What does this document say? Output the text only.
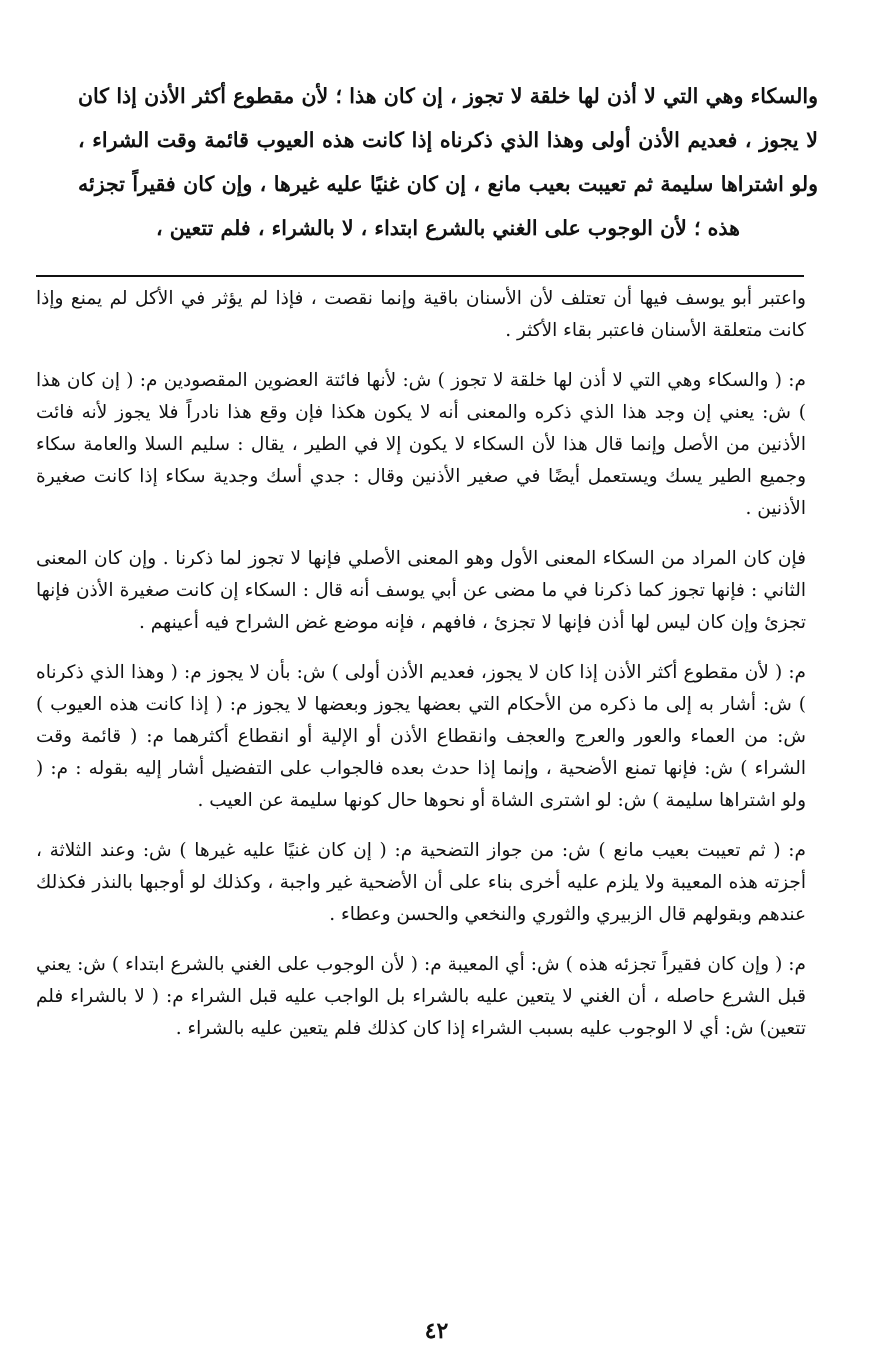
والسكاء وهي التي لا أذن لها خلقة لا تجوز ، إن كان هذا ؛ لأن مقطوع أكثر الأذن إذا كان لا يجوز ، فعديم الأذن أولى وهذا الذي ذكرناه إذا كانت هذه العيوب قائمة وقت الشراء ، ولو اشتراها سليمة ثم تعيبت بعيب مانع ، إن كان غنيًا عليه غيرها ، وإن كان فقيراً تجزئه هذه ؛ لأن الوجوب على الغني بالشرع ابتداء ، لا بالشراء ، فلم تتعين ،

واعتبر أبو يوسف فيها أن تعتلف لأن الأسنان باقية وإنما نقصت ، فإذا لم يؤثر في الأكل لم يمنع وإذا كانت متعلقة الأسنان فاعتبر بقاء الأكثر .

م: ( والسكاء وهي التي لا أذن لها خلقة لا تجوز ) ش: لأنها فائتة العضوين المقصودين م: ( إن كان هذا ) ش: يعني إن وجد هذا الذي ذكره والمعنى أنه لا يكون هكذا فإن وقع هذا نادراً فلا يجوز لأنه فائت الأذنين من الأصل وإنما قال هذا لأن السكاء لا يكون إلا في الطير ، يقال : سليم السلا والعامة سكاء وجميع الطير يسك ويستعمل أيضًا في صغير الأذنين وقال : جدي أسك وجدية سكاء إذا كانت صغيرة الأذنين .

فإن كان المراد من السكاء المعنى الأول وهو المعنى الأصلي فإنها لا تجوز لما ذكرنا . وإن كان المعنى الثاني : فإنها تجوز كما ذكرنا في ما مضى عن أبي يوسف أنه قال : السكاء إن كانت صغيرة الأذن فإنها تجزئ وإن كان ليس لها أذن فإنها لا تجزئ ، فافهم ، فإنه موضع غض الشراح فيه أعينهم .

م: ( لأن مقطوع أكثر الأذن إذا كان لا يجوز، فعديم الأذن أولى ) ش: بأن لا يجوز م: ( وهذا الذي ذكرناه ) ش: أشار به إلى ما ذكره من الأحكام التي بعضها يجوز وبعضها لا يجوز م: ( إذا كانت هذه العيوب ) ش: من العماء والعور والعرج والعجف وانقطاع الأذن أو الإلية أو انقطاع أكثرهما م: ( قائمة وقت الشراء ) ش: فإنها تمنع الأضحية ، وإنما إذا حدث بعده فالجواب على التفضيل أشار إليه بقوله : م: ( ولو اشتراها سليمة ) ش: لو اشترى الشاة أو نحوها حال كونها سليمة عن العيب .

م: ( ثم تعيبت بعيب مانع ) ش: من جواز التضحية م: ( إن كان غنيًا عليه غيرها ) ش: وعند الثلاثة ، أجزته هذه المعيبة ولا يلزم عليه أخرى بناء على أن الأضحية غير واجبة ، وكذلك لو أوجبها بالنذر فكذلك عندهم وبقولهم قال الزبيري والثوري والنخعي والحسن وعطاء .

م: ( وإن كان فقيراً تجزئه هذه ) ش: أي المعيبة م: ( لأن الوجوب على الغني بالشرع ابتداء ) ش: يعني قبل الشرع حاصله ، أن الغني لا يتعين عليه بالشراء بل الواجب عليه قبل الشراء م: ( لا بالشراء فلم تتعين) ش: أي لا الوجوب عليه بسبب الشراء إذا كان كذلك فلم يتعين عليه بالشراء .

٤٢
